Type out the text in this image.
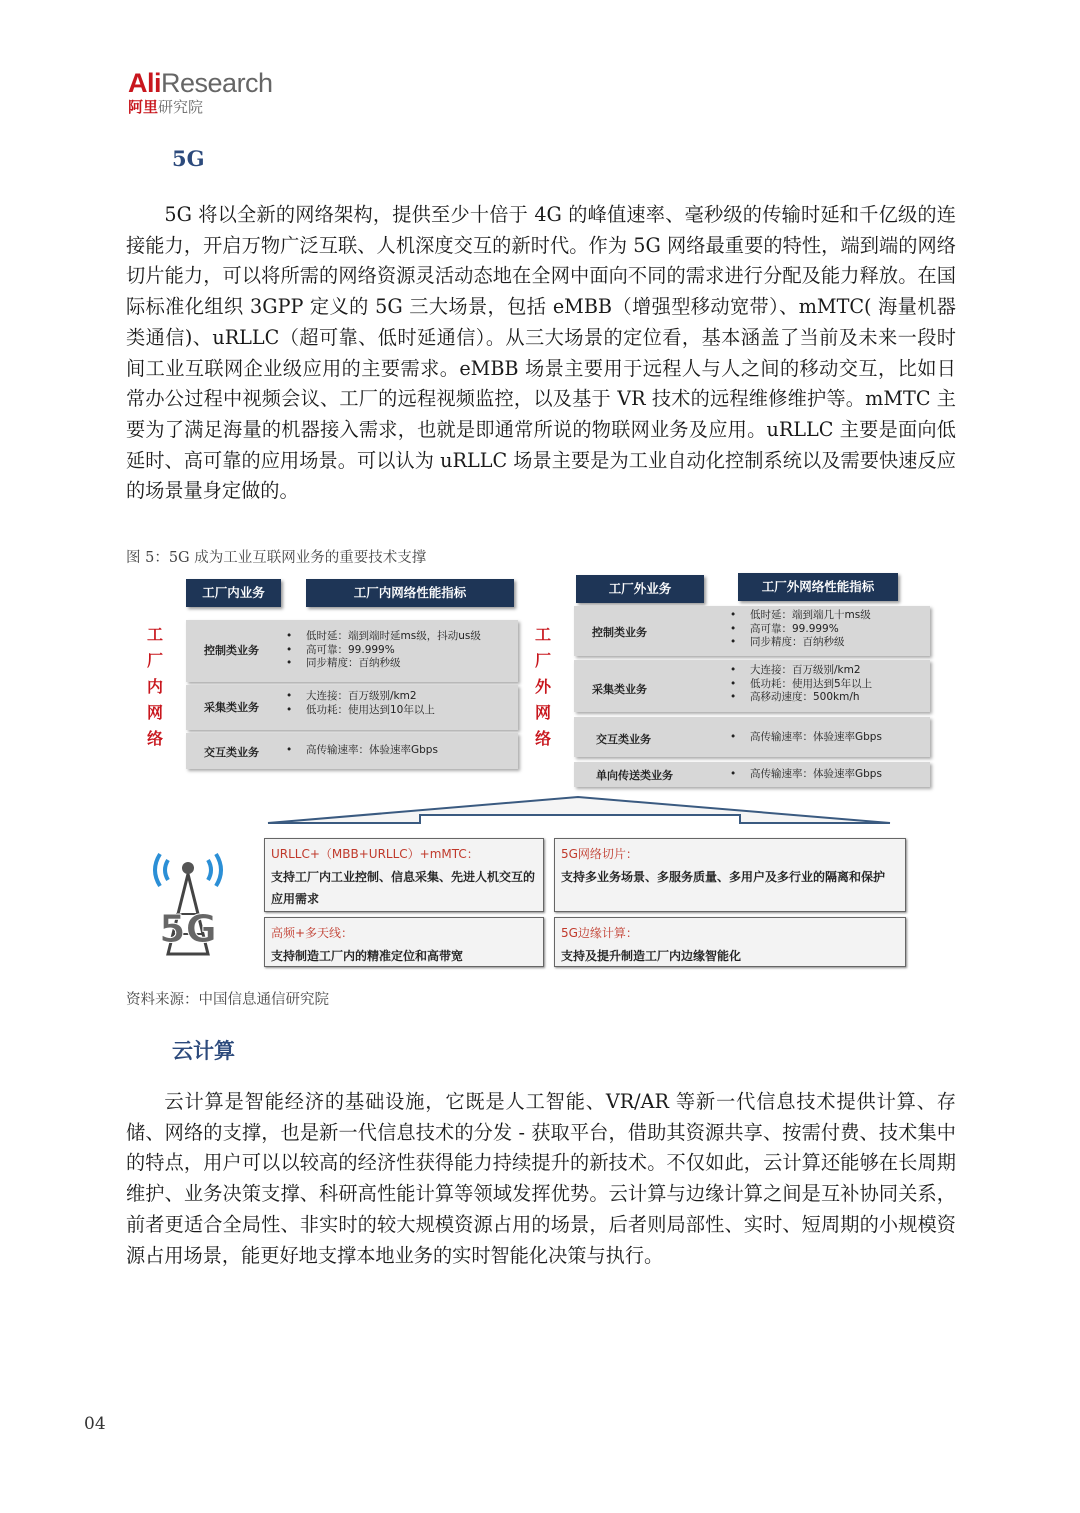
AliResearch
阿里研究院
5G

5G 将以全新的网络架构，提供至少十倍于 4G 的峰值速率、毫秒级的传输时延和千亿级的连接能力，开启万物广泛互联、人机深度交互的新时代。作为 5G 网络最重要的特性，端到端的网络切片能力，可以将所需的网络资源灵活动态地在全网中面向不同的需求进行分配及能力释放。在国际标准化组织 3GPP 定义的 5G 三大场景，包括 eMBB（增强型移动宽带）、mMTC( 海量机器类通信)、uRLLC（超可靠、低时延通信）。从三大场景的定位看，基本涵盖了当前及未来一段时间工业互联网企业级应用的主要需求。eMBB 场景主要用于远程人与人之间的移动交互，比如日常办公过程中视频会议、工厂的远程视频监控，以及基于 VR 技术的远程维修维护等。mMTC 主要为了满足海量的机器接入需求，也就是即通常所说的物联网业务及应用。uRLLC 主要是面向低延时、高可靠的应用场景。可以认为 uRLLC 场景主要是为工业自动化控制系统以及需要快速反应的场景量身定做的。

图 5：5G 成为工业互联网业务的重要技术支撑
工
厂
内
网
络
工
厂
外
网
络
工厂内业务	工厂内网络性能指标
控制类业务
• 低时延：端到端时延ms级，抖动us级
• 高可靠：99.999%
• 同步精度：百纳秒级
采集类业务
• 大连接：百万级别/km2
• 低功耗：使用达到10年以上
交互类业务	• 高传输速率：体验速率Gbps
工厂外业务	工厂外网络性能指标
控制类业务
• 低时延：端到端几十ms级
• 高可靠：99.999%
• 同步精度：百纳秒级
采集类业务
• 大连接：百万级别/km2
• 低功耗：使用达到5年以上
• 高移动速度：500km/h
交互类业务	• 高传输速率：体验速率Gbps
单向传送类业务	• 高传输速率：体验速率Gbps
5G
URLLC+（MBB+URLLC）+mMTC：
支持工厂内工业控制、信息采集、先进人机交互的应用需求
5G网络切片：
支持多业务场景、多服务质量、多用户及多行业的隔离和保护
高频+多天线：
支持制造工厂内的精准定位和高带宽
5G边缘计算：
支持及提升制造工厂内边缘智能化
资料来源：中国信息通信研究院
云计算

云计算是智能经济的基础设施，它既是人工智能、VR/AR 等新一代信息技术提供计算、存储、网络的支撑，也是新一代信息技术的分发 - 获取平台，借助其资源共享、按需付费、技术集中的特点，用户可以以较高的经济性获得能力持续提升的新技术。不仅如此，云计算还能够在长周期维护、业务决策支撑、科研高性能计算等领域发挥优势。云计算与边缘计算之间是互补协同关系，前者更适合全局性、非实时的较大规模资源占用的场景，后者则局部性、实时、短周期的小规模资源占用场景，能更好地支撑本地业务的实时智能化决策与执行。

04
